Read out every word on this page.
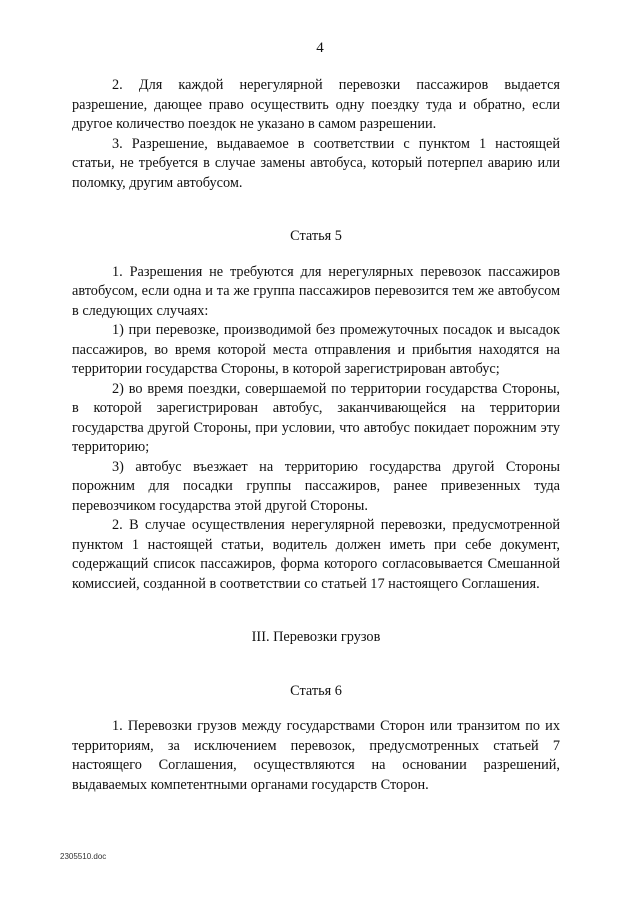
4

2. Для каждой нерегулярной перевозки пассажиров выдается разрешение, дающее право осуществить одну поездку туда и обратно, если другое количество поездок не указано в самом разрешении.

3. Разрешение, выдаваемое в соответствии с пунктом 1 настоящей статьи, не требуется в случае замены автобуса, который потерпел аварию или поломку, другим автобусом.

Статья 5

1. Разрешения не требуются для нерегулярных перевозок пассажиров автобусом, если одна и та же группа пассажиров перевозится тем же автобусом в следующих случаях:

1) при перевозке, производимой без промежуточных посадок и высадок пассажиров, во время которой места отправления и прибытия находятся на территории государства Стороны, в которой зарегистрирован автобус;

2) во время поездки, совершаемой по территории государства Стороны, в которой зарегистрирован автобус, заканчивающейся на территории государства другой Стороны, при условии, что автобус покидает порожним эту территорию;

3) автобус въезжает на территорию государства другой Стороны порожним для посадки группы пассажиров, ранее привезенных туда перевозчиком государства этой другой Стороны.

2. В случае осуществления нерегулярной перевозки, предусмотренной пунктом 1 настоящей статьи, водитель должен иметь при себе документ, содержащий список пассажиров, форма которого согласовывается Смешанной комиссией, созданной в соответствии со статьей 17 настоящего Соглашения.

III. Перевозки грузов

Статья 6

1. Перевозки грузов между государствами Сторон или транзитом по их территориям, за исключением перевозок, предусмотренных статьей 7 настоящего Соглашения, осуществляются на основании разрешений, выдаваемых компетентными органами государств Сторон.

2305510.doc
